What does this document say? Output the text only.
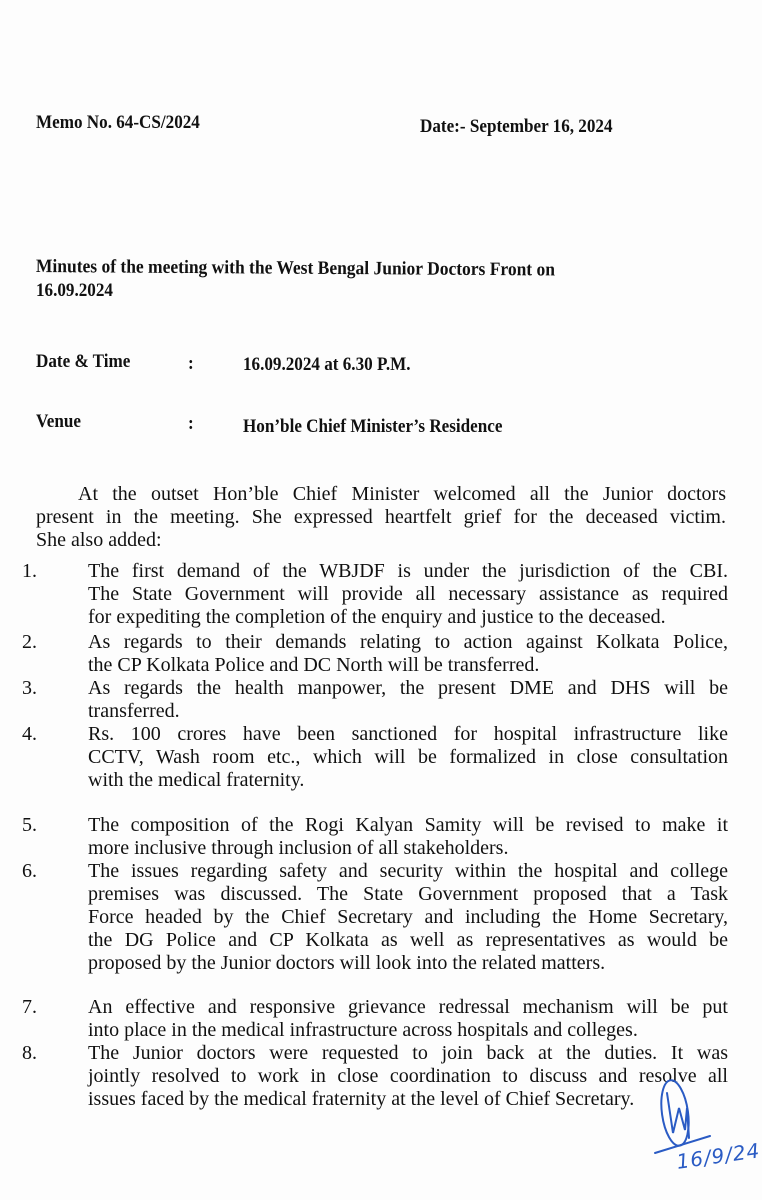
Memo No. 64-CS/2024	Date:- September 16, 2024
Minutes of the meeting with the West Bengal Junior Doctors Front on
16.09.2024
Date & Time	:	16.09.2024 at 6.30 P.M.
Venue	:	Hon’ble Chief Minister’s Residence
At the outset Hon’ble Chief Minister welcomed all the Junior doctors
present in the meeting. She expressed heartfelt grief for the deceased victim.
She also added:
1.	The first demand of the WBJDF is under the jurisdiction of the CBI.
The State Government will provide all necessary assistance as required
for expediting the completion of the enquiry and justice to the deceased.
2.	As regards to their demands relating to action against Kolkata Police,
the CP Kolkata Police and DC North will be transferred.
3.	As regards the health manpower, the present DME and DHS will be
transferred.
4.	Rs. 100 crores have been sanctioned for hospital infrastructure like
CCTV, Wash room etc., which will be formalized in close consultation
with the medical fraternity.
5.	The composition of the Rogi Kalyan Samity will be revised to make it
more inclusive through inclusion of all stakeholders.
6.	The issues regarding safety and security within the hospital and college
premises was discussed. The State Government proposed that a Task
Force headed by the Chief Secretary and including the Home Secretary,
the DG Police and CP Kolkata as well as representatives as would be
proposed by the Junior doctors will look into the related matters.
7.	An effective and responsive grievance redressal mechanism will be put
into place in the medical infrastructure across hospitals and colleges.
8.	The Junior doctors were requested to join back at the duties. It was
jointly resolved to work in close coordination to discuss and resolve all
issues faced by the medical fraternity at the level of Chief Secretary.
16/9/24
